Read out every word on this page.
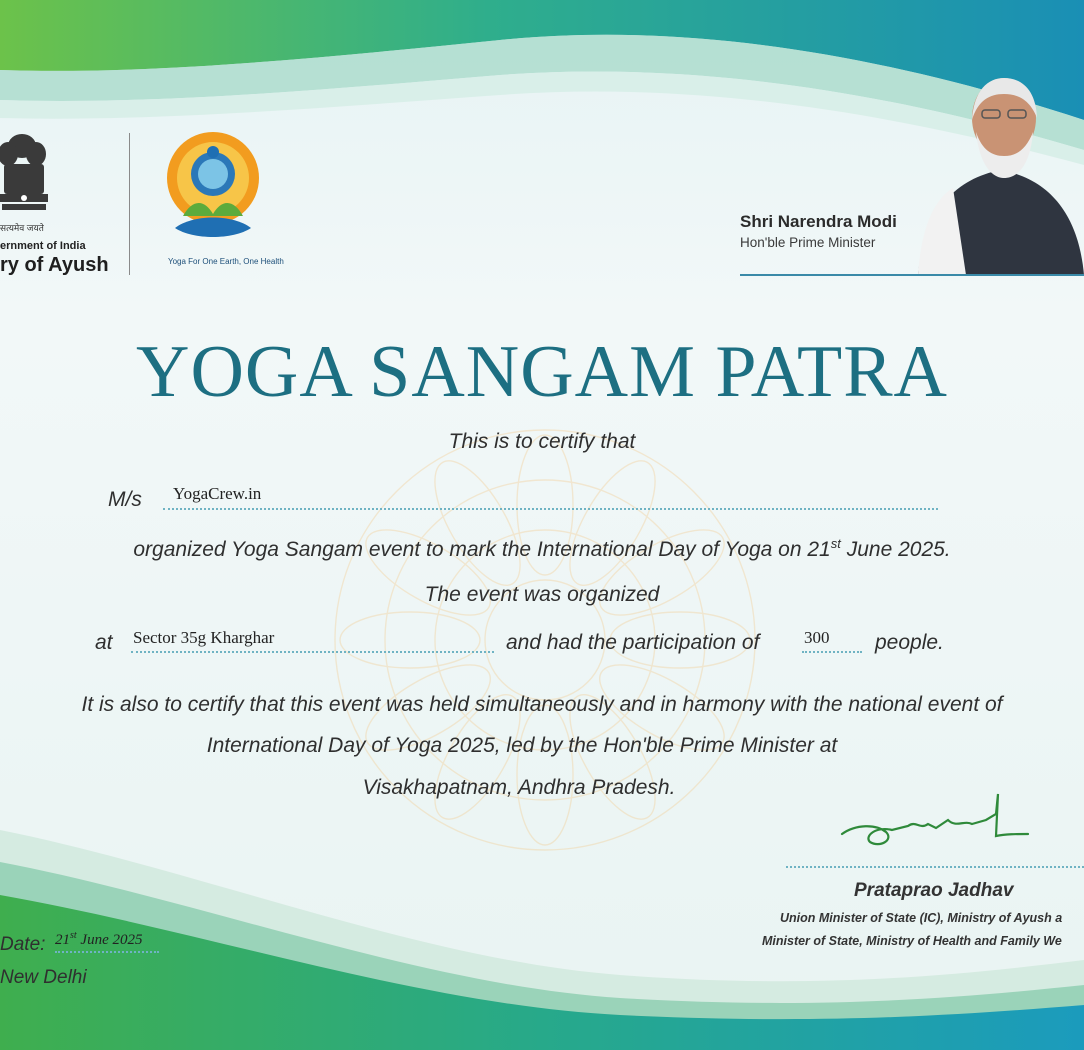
सत्यमेव जयते
ernment of India
ry of Ayush	Yoga For One Earth, One Health
Shri Narendra Modi
Hon'ble Prime Minister
YOGA SANGAM PATRA
This is to certify that
M/s YogaCrew.in
organized Yoga Sangam event to mark the International Day of Yoga on 21st June 2025.
The event was organized
at Sector 35g Kharghar	and had the participation of	300 people.
It is also to certify that this event was held simultaneously and in harmony with the national event of
International Day of Yoga 2025, led by the Hon'ble Prime Minister at
Visakhapatnam, Andhra Pradesh.
Prataprao Jadhav
Union Minister of State (IC), Ministry of Ayush a
Minister of State, Ministry of Health and Family We
Date: 21st June 2025
New Delhi
